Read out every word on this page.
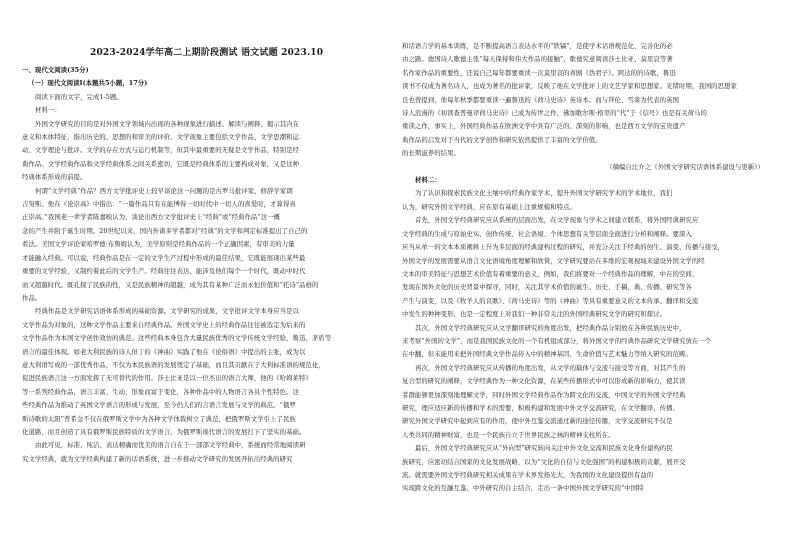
2023-2024学年高二上期阶段测试 语文试题 2023.10
一、现代文阅读(35分)
（一）现代文阅读I(本题共5小题，17分)
阅读下面的文字，完成1-5题。
材料一：
外国文学研究的目的是对外国文学领域内出现的各种现象进行描述、解读与阐释，揭示其内在
意义和本体特征，指出历史的、思想的和审美的评价。文学现象主要包括文学作品、文学思潮和运
动、文学理论与批评。文学的存在方式与运行机制等，但其中最重要的无疑是文学作品，特别是经
典作品。文学经典作品和文学经典体系之间关系密切，它既是经典体系的主要构成对象，又是这种
经典体系形成的前提。
何谓“文学经典”作品？西方文学批评史上较早谈论这一问题的是古罗马批评家、修辞学家朗
吉努斯。他在《论崇高》中指出：“一篇作品只有在能博得一切时代中一切人的喜爱时，才算得真
正崇高。”我国老一辈学者陈嘉映认为，谈论出西方文学批评史上“经典”或“经典作品”这一概
念的产生并附于诞生时期。20世纪以来，国内外诸多学者都对“经典”的文学和判定标准提出了自己的
看法。美国文学评论家哈罗德·布鲁姆认为，美学原则是经典作品的一个正确因素，有审美的力量
才能融入经典。可以说，经典作品是在一定的文学生产过程中形成的最佳结果，它既能展现出某些最
重要的文学经验，又制约着此后的文学生产。经典往往表达、能涉及他们每个一个时代，既动中时代
而又超越时代。既孔探了民族的性，又是民族精神的超越，成为其有某种广泛而永恒价值和“托诗”品格的
作品。
经典作品是文学研究话语体系形成的基础资源。文学研究的成果，文学批评文学本身应当是以
文学作品为对象的，这种文学作品主要来自经典作品。外国文学史上的经典作品往往被选定为后来的
文学作品作为本国文学创作效仿的典范。这些经典本身包含大量民族优秀的文学传统文学经验，鲁迅、茅盾等
语言的最佳体现。如老大利民族的诗人但丁的《神曲》实践了他在《论俗语》中提出的主张，成为以
意大利语写成的一部优秀作品，不仅为本民族语的发展奠定了基础，而且其贡献在于大利标准语的规范化，
促进民族语言这一方面发挥了无可替代的作用。莎士比亚是以一位杰出的语言大师，他的《哈姆莱特》
等一系列经典作品，语言丰富、生动、形象而富于变化，各种作品中的人物语言各具个性特色。这
些经典作品为推动了英国文学语言的形成与发展，至今仍人们的言语言发展与文学的典范。“俄罗
斯诗歌的太阳”普希金不仅在俄罗斯文学中为各种文学体裁树立了典范，把俄罗斯文学引上了民族
化道路，而且创造了具有俄罗斯民族特质的文学语言，为俄罗斯现代语言的发展打下了坚实的基础。
由此可见，标准、纯洁、表达精确而优美的语言自在于一部部文学经典中，系统而经常地阅读研
究文学经典，就为文学经典构建了新的话语系统，进一步推动文学研究的发展开拓出经典的研究
和话语言学的基本训练，是不断提高语言表达水平的“铁镐”，是使学术话语规范化、完善化的必
由之路。德国诗人歌德主张“每天保持和伟大作品的接触”，歌德究意阅读莎士比亚、莫里哀等著
名作家作品的重要性，还说自己每年都要重读一次莫里哀的喜剧《伪君子》。阿达的的诗歌，鲁迅
读书不仅成为著名诗人，也成为著名的批评家，反映了他在文学批评上的文艺学家和思想家。光绪时期，我国的思想家
良也曾提到，他每年秋季都要重读一遍鲁迅的《荷马史诗》英诗本。而与拜伦、雪莱为代表的英国
诗人浪漫的《初读查普曼译荷马史诗》已成为传世之作，佛加歌尔斯·格里的“代”于《信号》也是有关荷马的
重读之作，事实上，外国经典作品在欧洲文学中具有广泛的、深刻的影响，也是西方文学的宝贵遗产
典作品的启发对于当代的文学创作和研究依然提供了丰富的文学价值。
的长期滋养的结果。
（摘编自汪介之《外国文学研究话语体系建设与更新》）
材料二：
为了认识和探索民族文化土壤中的经典作家学术，提升外国文学研究学术的学术地位，我们
认为，研究外国文学经典，应在原有基础上注重规模和特点。
首先，外国文学经典研究应从系统的层面出发，在文学现象与学术之间建立联系，将外国经典研究应
文学经典的生成与原始史实、创作传统、社会语境、个体思想有关等层面全面进行分析和阐释。要深入
应当从单一的文本本质阐释上升为多层面的经典建构过程的研究，并充分关注于经典的创生、演变、传播与接受，
外国文学的发展需要从语言文化语境角度理解和欣赏，文学研究要站在多维的宏观视域来建设外国文学的经
文本的审美特征与思想艺术价值有着重要的意义，例如，我们将要对一个经典作品的理解，中在的空间、
发现在国外文化的历史背景中探寻，同时，关注其学术价值的诞生、历史、手稿、典、传播、研究等各
产生与演变，以及《牧羊人的哀歌》、《荷马史诗》等的《神曲》等具有重要意义的文本传承、翻译和交流
中发生的种种变形，也是一定程度上对我们一种非常关注的外国经典研究文学的研究和探讨。
其次，外国文学经典研究应从文学翻译研究的角度出发，把经典作品分别放在各种民族历史中，
来考察“外国的文学”，而是我国民族文化的一个有机组成部分，将外国文学的经典作品研究文学研究放在一个
在中翻，但未能用来把外国经典文学作品传入中的精神基因、生命价值与艺术魅力等纳入研究的范畴。
再次，外国文学经典研究应从传播的角度出发，从文学的载体与交流与接受等方面，对其产生的
复合型的研究的阐释，文学经典作为一种文化资源，在某些传播形式中可以形成新的影响力，使其读
者群能够更加深刻地理解文学，同时外国文学经典作品作为跨文化的交流，中国文学的外国文学经典
研究，理应适应新的传播和学术的需要，积极构建和发展中外文学交流研究，在文学翻译、传播、
研究外国文学研究中起到应有的作用，使中外互鉴交流通过新的途径传播，文学交流研究不仅是
人类共同的精神财富，也是一个民族自立于世界民族之林的精神支柱所在。
最后，外国文学经典研究应从“外向型”研究转向关注中外文化交流和民族文化身份建构的民
族研究，应密切结合国家的文化发展战略，以为“文化的自信与文化强国”的构建积极的贡献，展开交
流。就需要外国文学经典研究相关成果在学术界发扬光大，为我国的文化建设提供有益的
实现跨文化的互融互鉴、中外研究的自主结合，走出一条中国外国文学研究的“中国特
